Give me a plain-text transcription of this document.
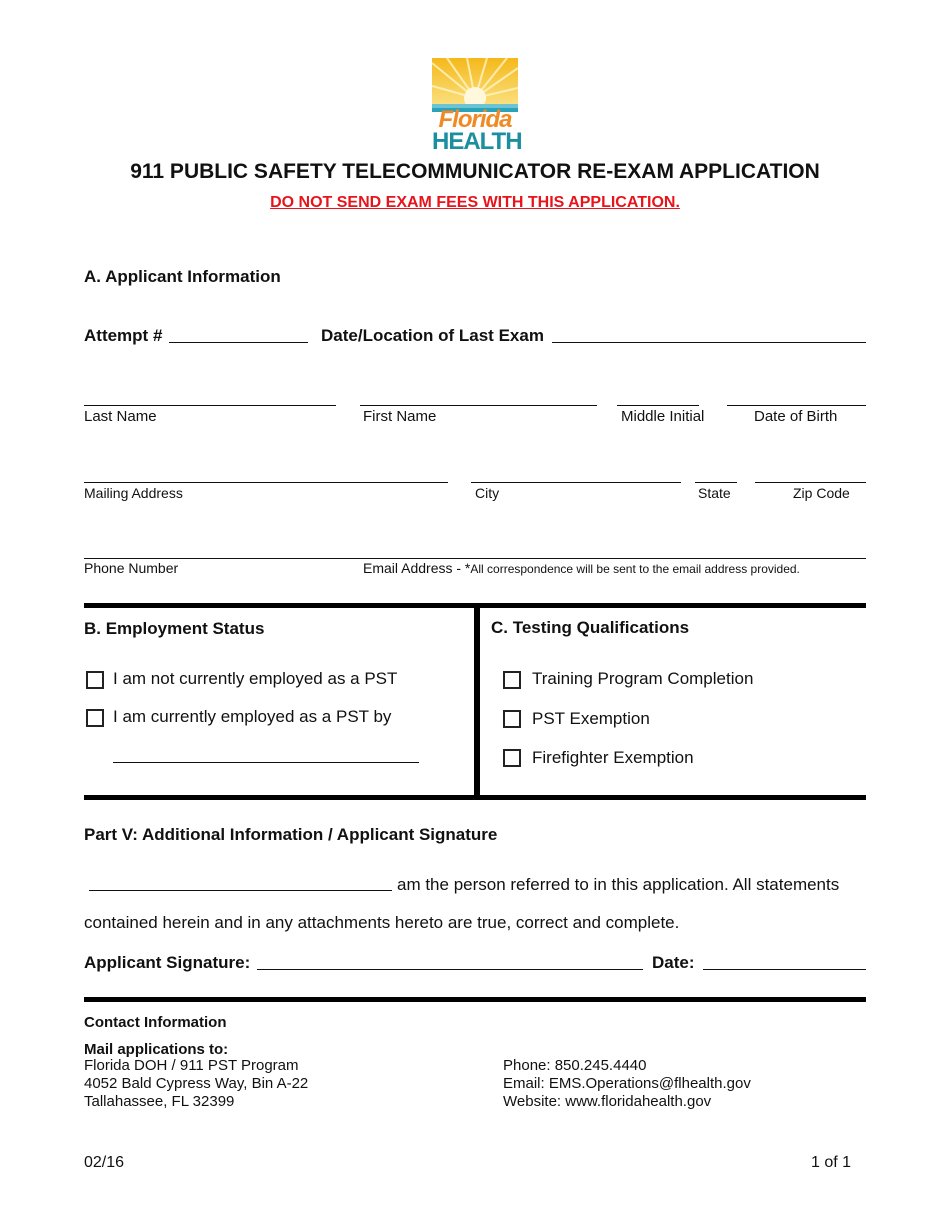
Florida
HEALTH
911 PUBLIC SAFETY TELECOMMUNICATOR RE-EXAM APPLICATION
DO NOT SEND EXAM FEES WITH THIS APPLICATION.
A. Applicant Information
Attempt #	Date/Location of Last Exam
Last Name	First Name	Middle Initial	Date of Birth
Mailing Address	City	State	Zip Code
Phone Number	Email Address - *All correspondence will be sent to the email address provided.
B. Employment Status
I am not currently employed as a PST
I am currently employed as a PST by
C. Testing Qualifications
Training Program Completion
PST Exemption
Firefighter Exemption
Part V: Additional Information / Applicant Signature
am the person referred to in this application. All statements
contained herein and in any attachments hereto are true, correct and complete.
Applicant Signature:	Date:
Contact Information
Mail applications to:
Florida DOH / 911 PST Program
4052 Bald Cypress Way, Bin A-22
Tallahassee, FL 32399
Phone: 850.245.4440
Email: EMS.Operations@flhealth.gov
Website: www.floridahealth.gov
02/16	1 of 1
